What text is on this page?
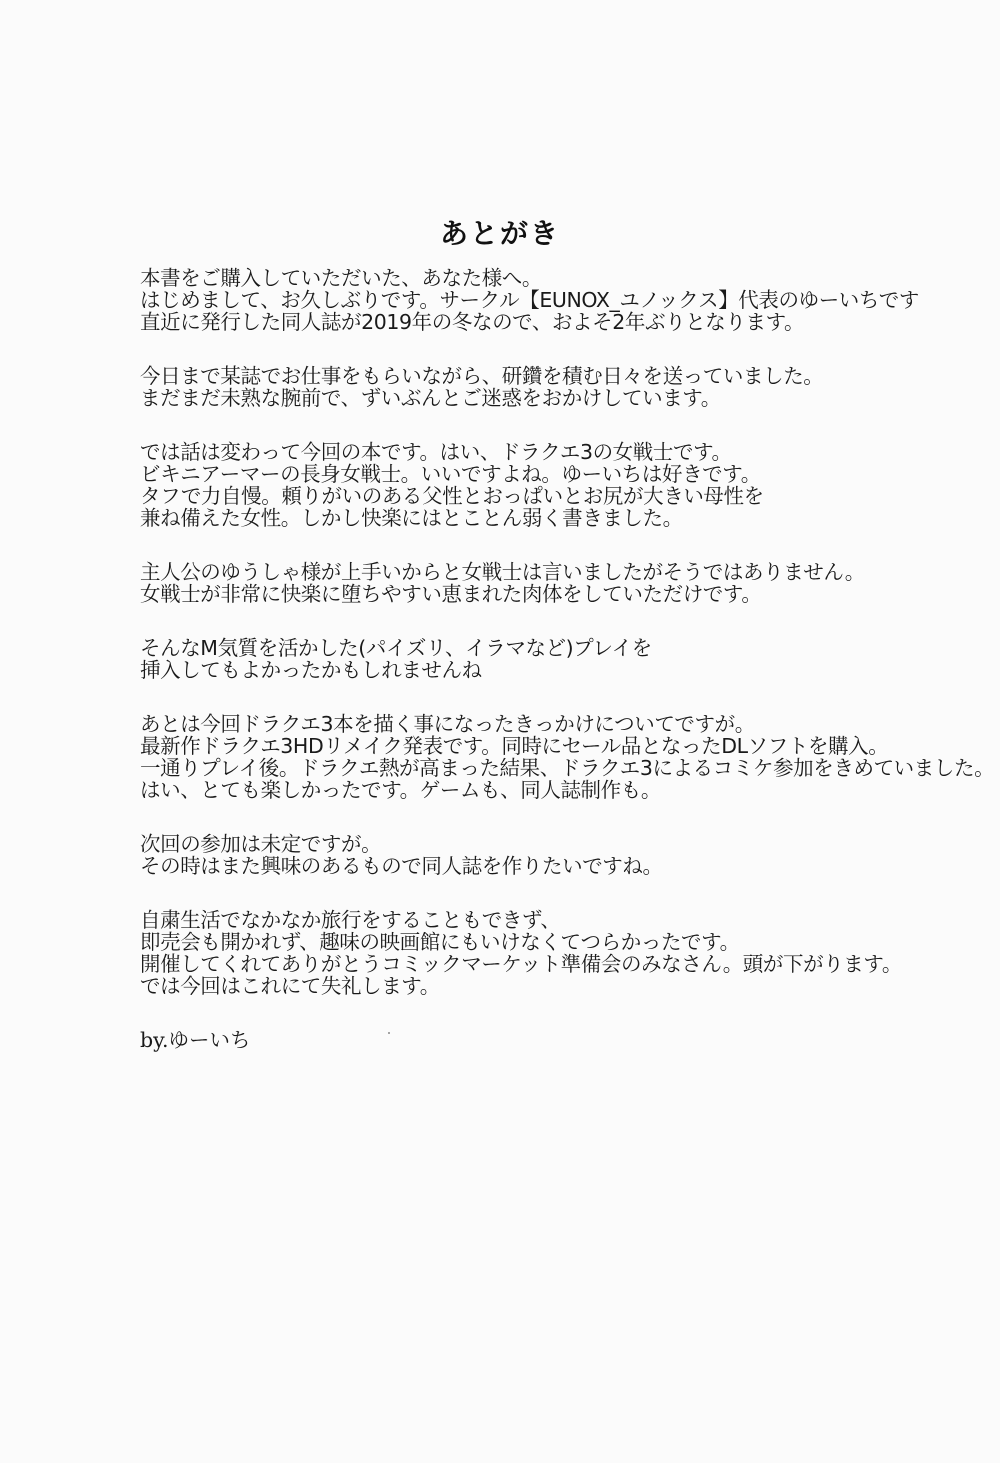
あとがき
本書をご購入していただいた、あなた様へ。
はじめまして、お久しぶりです。サークル【EUNOX_ユノックス】代表のゆーいちです
直近に発行した同人誌が2019年の冬なので、およそ2年ぶりとなります。
今日まで某誌でお仕事をもらいながら、研鑽を積む日々を送っていました。
まだまだ未熟な腕前で、ずいぶんとご迷惑をおかけしています。
では話は変わって今回の本です。はい、ドラクエ3の女戦士です。
ビキニアーマーの長身女戦士。いいですよね。ゆーいちは好きです。
タフで力自慢。頼りがいのある父性とおっぱいとお尻が大きい母性を
兼ね備えた女性。しかし快楽にはとことん弱く書きました。
主人公のゆうしゃ様が上手いからと女戦士は言いましたがそうではありません。
女戦士が非常に快楽に堕ちやすい恵まれた肉体をしていただけです。
そんなM気質を活かした(パイズリ、イラマなど)プレイを
挿入してもよかったかもしれませんね
あとは今回ドラクエ3本を描く事になったきっかけについてですが。
最新作ドラクエ3HDリメイク発表です。同時にセール品となったDLソフトを購入。
一通りプレイ後。ドラクエ熱が高まった結果、ドラクエ3によるコミケ参加をきめていました。
はい、とても楽しかったです。ゲームも、同人誌制作も。
次回の参加は未定ですが。
その時はまた興味のあるもので同人誌を作りたいですね。
自粛生活でなかなか旅行をすることもできず、
即売会も開かれず、趣味の映画館にもいけなくてつらかったです。
開催してくれてありがとうコミックマーケット準備会のみなさん。頭が下がります。
では今回はこれにて失礼します。
by.ゆーいち
